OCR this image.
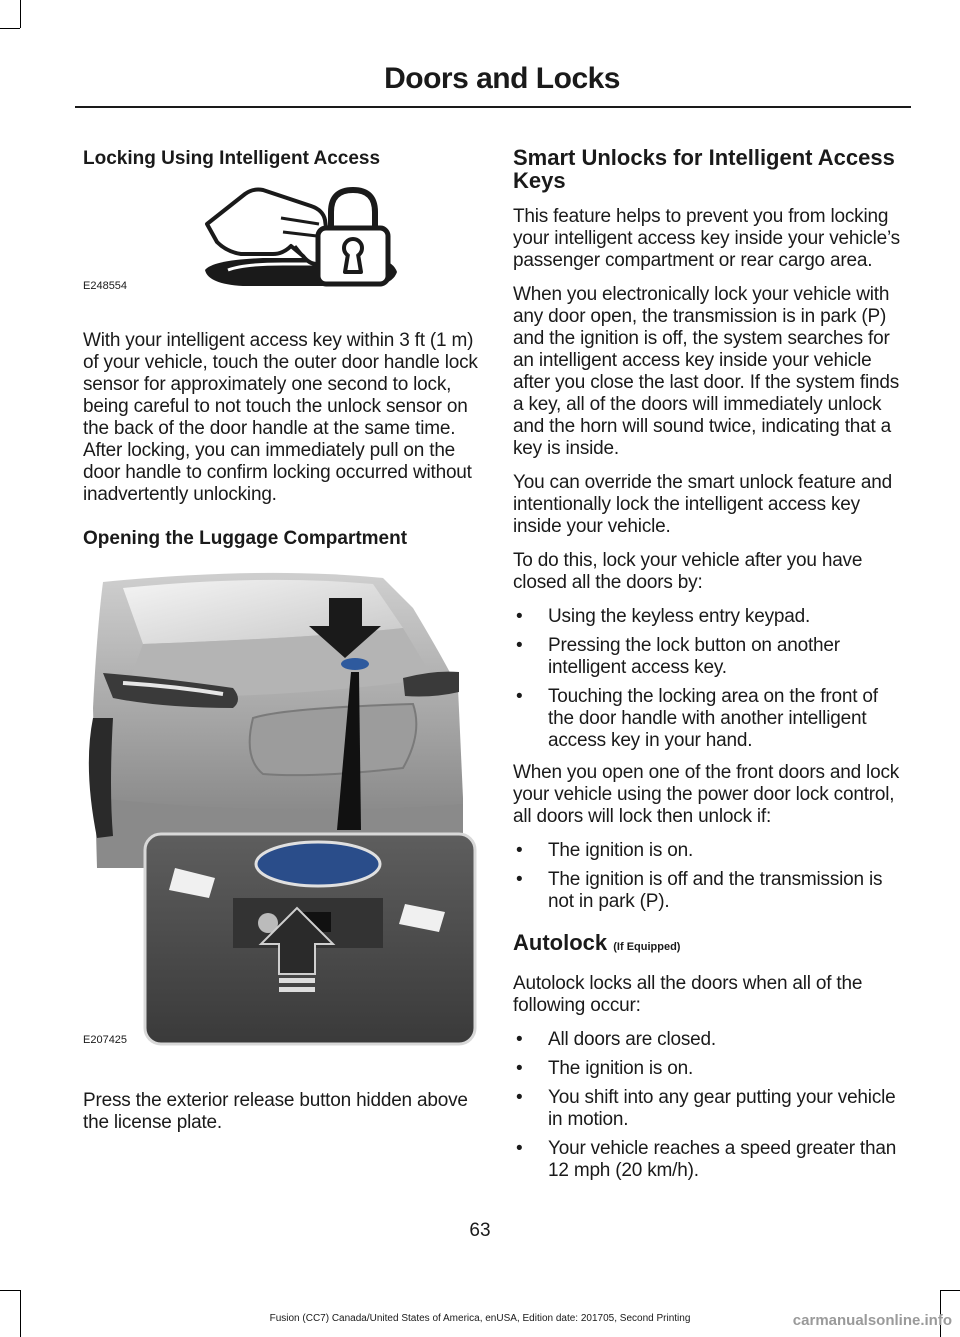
Doors and Locks
Locking Using Intelligent Access
E248554

With your intelligent access key within 3 ft (1 m) of your vehicle, touch the outer door handle lock sensor for approximately one second to lock, being careful to not touch the unlock sensor on the back of the door handle at the same time. After locking, you can immediately pull on the door handle to confirm locking occurred without inadvertently unlocking.

Opening the Luggage Compartment
E207425

Press the exterior release button hidden above the license plate.

Smart Unlocks for Intelligent Access Keys

This feature helps to prevent you from locking your intelligent access key inside your vehicle’s passenger compartment or rear cargo area.

When you electronically lock your vehicle with any door open, the transmission is in park (P) and the ignition is off, the system searches for an intelligent access key inside your vehicle after you close the last door. If the system finds a key, all of the doors will immediately unlock and the horn will sound twice, indicating that a key is inside.

You can override the smart unlock feature and intentionally lock the intelligent access key inside your vehicle.

To do this, lock your vehicle after you have closed all the doors by:

• Using the keyless entry keypad.
• Pressing the lock button on another intelligent access key.
• Touching the locking area on the front of the door handle with another intelligent access key in your hand.

When you open one of the front doors and lock your vehicle using the power door lock control, all doors will lock then unlock if:

• The ignition is on.
• The ignition is off and the transmission is not in park (P).
Autolock (If Equipped)

Autolock locks all the doors when all of the following occur:

• All doors are closed.
• The ignition is on.
• You shift into any gear putting your vehicle in motion.
• Your vehicle reaches a speed greater than 12 mph (20 km/h).
63
Fusion (CC7) Canada/United States of America, enUSA, Edition date: 201705, Second Printing	carmanualsonline.info
